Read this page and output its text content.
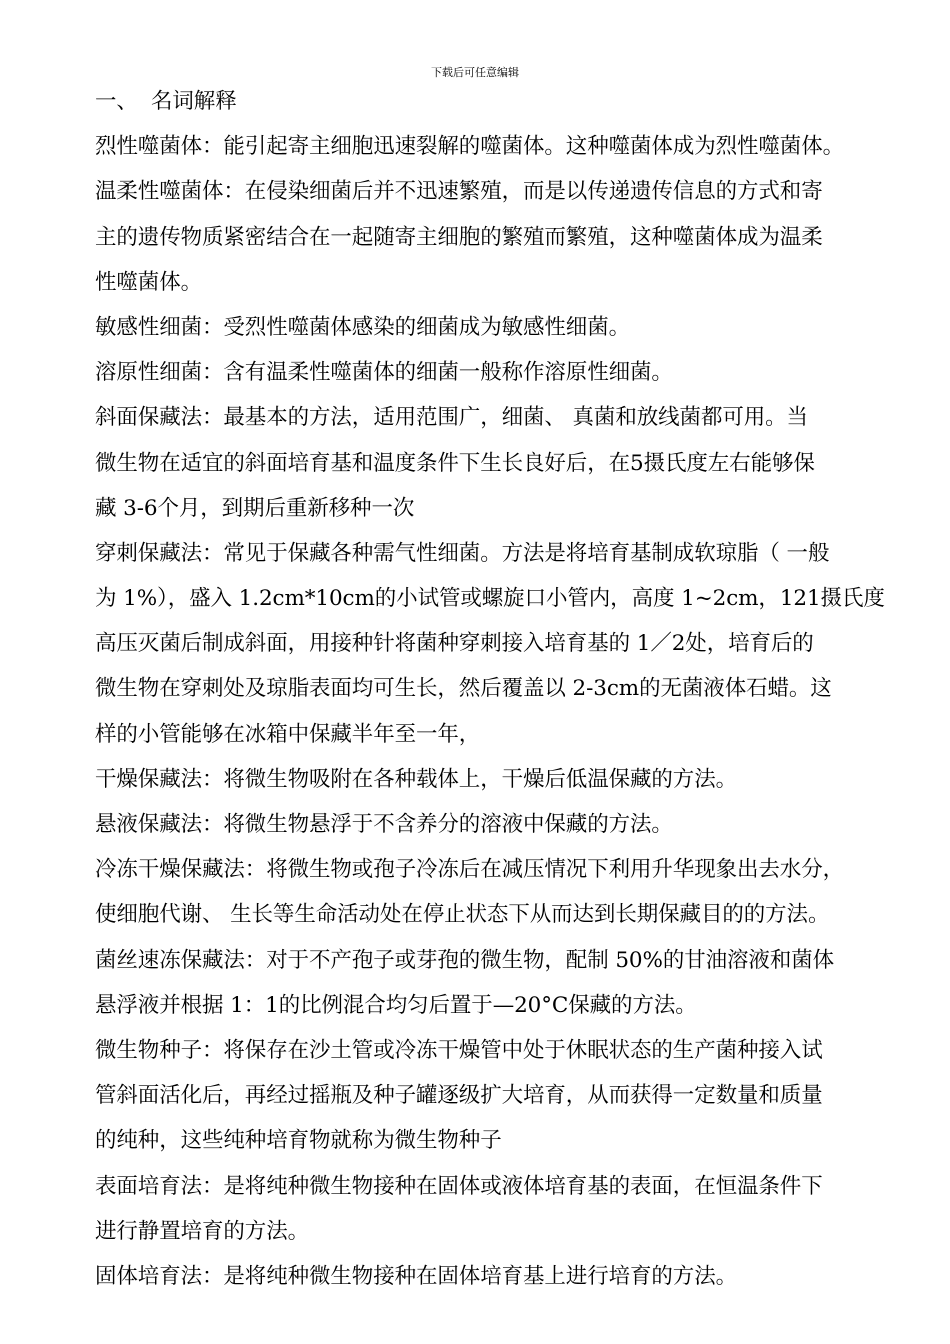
下载后可任意编辑
一、 名词解释
烈性噬菌体：能引起寄主细胞迅速裂解的噬菌体。这种噬菌体成为烈性噬菌体。
温柔性噬菌体：在侵染细菌后并不迅速繁殖，而是以传递遗传信息的方式和寄
主的遗传物质紧密结合在一起随寄主细胞的繁殖而繁殖，这种噬菌体成为温柔
性噬菌体。
敏感性细菌：受烈性噬菌体感染的细菌成为敏感性细菌。
溶原性细菌：含有温柔性噬菌体的细菌一般称作溶原性细菌。
斜面保藏法：最基本的方法，适用范围广，细菌、 真菌和放线菌都可用。当
微生物在适宜的斜面培育基和温度条件下生长良好后，在5摄氏度左右能够保
藏 3-6个月，到期后重新移种一次
穿刺保藏法：常见于保藏各种需气性细菌。方法是将培育基制成软琼脂（ 一般
为 1%），盛入 1.2cm*10cm的小试管或螺旋口小管内，高度 1~2cm，121摄氏度
高压灭菌后制成斜面，用接种针将菌种穿刺接入培育基的 1／2处，培育后的
微生物在穿刺处及琼脂表面均可生长，然后覆盖以 2-3cm的无菌液体石蜡。这
样的小管能够在冰箱中保藏半年至一年，
干燥保藏法：将微生物吸附在各种载体上，干燥后低温保藏的方法。
悬液保藏法：将微生物悬浮于不含养分的溶液中保藏的方法。
冷冻干燥保藏法：将微生物或孢子冷冻后在减压情况下利用升华现象出去水分，
使细胞代谢、 生长等生命活动处在停止状态下从而达到长期保藏目的的方法。
菌丝速冻保藏法：对于不产孢子或芽孢的微生物，配制 50%的甘油溶液和菌体
悬浮液并根据 1：1的比例混合均匀后置于—20°C保藏的方法。
微生物种子：将保存在沙土管或冷冻干燥管中处于休眠状态的生产菌种接入试
管斜面活化后，再经过摇瓶及种子罐逐级扩大培育，从而获得一定数量和质量
的纯种，这些纯种培育物就称为微生物种子
表面培育法：是将纯种微生物接种在固体或液体培育基的表面，在恒温条件下
进行静置培育的方法。
固体培育法：是将纯种微生物接种在固体培育基上进行培育的方法。
